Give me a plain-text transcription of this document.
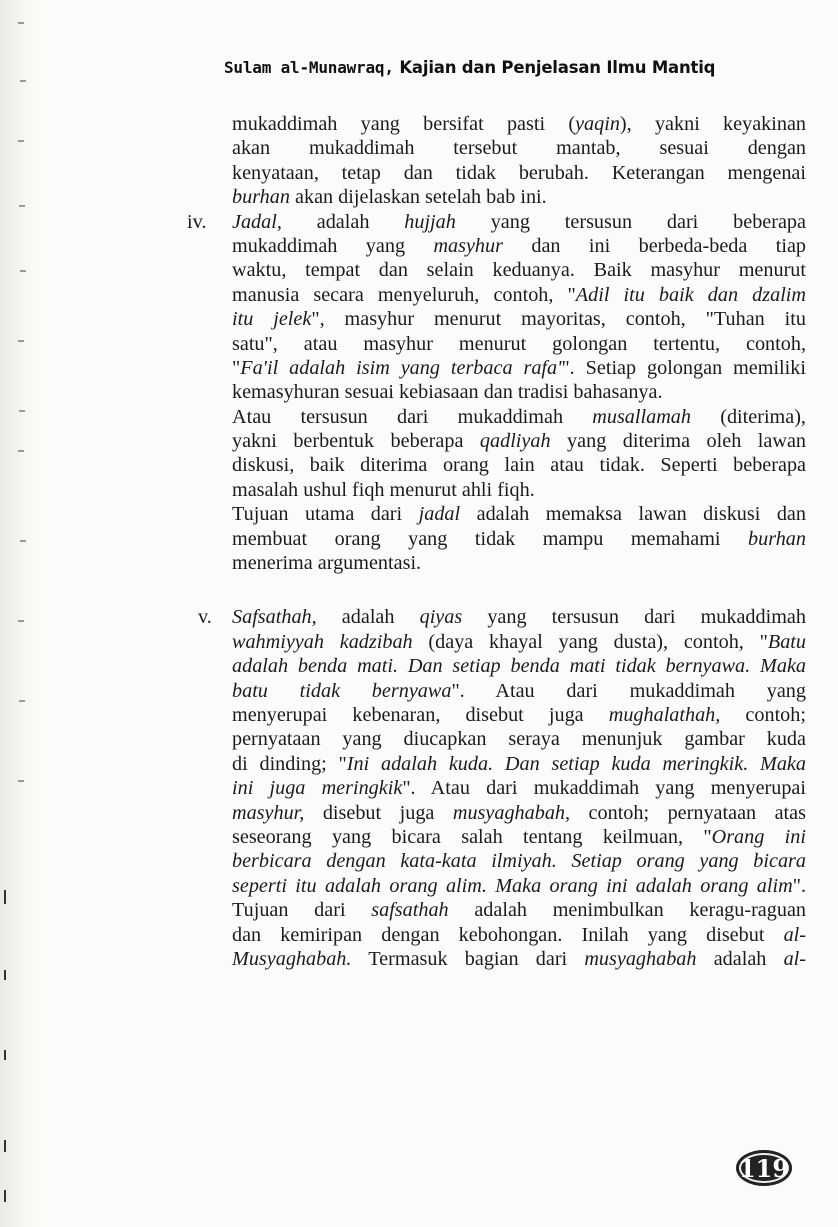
Sulam al-Munawraq, Kajian dan Penjelasan Ilmu Mantiq
mukaddimah yang bersifat pasti (yaqin), yakni keyakinan
akan mukaddimah tersebut mantab, sesuai dengan
kenyataan, tetap dan tidak berubah. Keterangan mengenai
burhan akan dijelaskan setelah bab ini.
iv. Jadal, adalah hujjah yang tersusun dari beberapa
mukaddimah yang masyhur dan ini berbeda-beda tiap
waktu, tempat dan selain keduanya. Baik masyhur menurut
manusia secara menyeluruh, contoh, "Adil itu baik dan dzalim
itu jelek", masyhur menurut mayoritas, contoh, "Tuhan itu
satu", atau masyhur menurut golongan tertentu, contoh,
"Fa'il adalah isim yang terbaca rafa'". Setiap golongan memiliki
kemasyhuran sesuai kebiasaan dan tradisi bahasanya.
Atau tersusun dari mukaddimah musallamah (diterima),
yakni berbentuk beberapa qadliyah yang diterima oleh lawan
diskusi, baik diterima orang lain atau tidak. Seperti beberapa
masalah ushul fiqh menurut ahli fiqh.
Tujuan utama dari jadal adalah memaksa lawan diskusi dan
membuat orang yang tidak mampu memahami burhan
menerima argumentasi.
v. Safsathah, adalah qiyas yang tersusun dari mukaddimah
wahmiyyah kadzibah (daya khayal yang dusta), contoh, "Batu
adalah benda mati. Dan setiap benda mati tidak bernyawa. Maka
batu tidak bernyawa". Atau dari mukaddimah yang
menyerupai kebenaran, disebut juga mughalathah, contoh;
pernyataan yang diucapkan seraya menunjuk gambar kuda
di dinding; "Ini adalah kuda. Dan setiap kuda meringkik. Maka
ini juga meringkik". Atau dari mukaddimah yang menyerupai
masyhur, disebut juga musyaghabah, contoh; pernyataan atas
seseorang yang bicara salah tentang keilmuan, "Orang ini
berbicara dengan kata-kata ilmiyah. Setiap orang yang bicara
seperti itu adalah orang alim. Maka orang ini adalah orang alim".
Tujuan dari safsathah adalah menimbulkan keragu-raguan
dan kemiripan dengan kebohongan. Inilah yang disebut al-
Musyaghabah. Termasuk bagian dari musyaghabah adalah al-
119
